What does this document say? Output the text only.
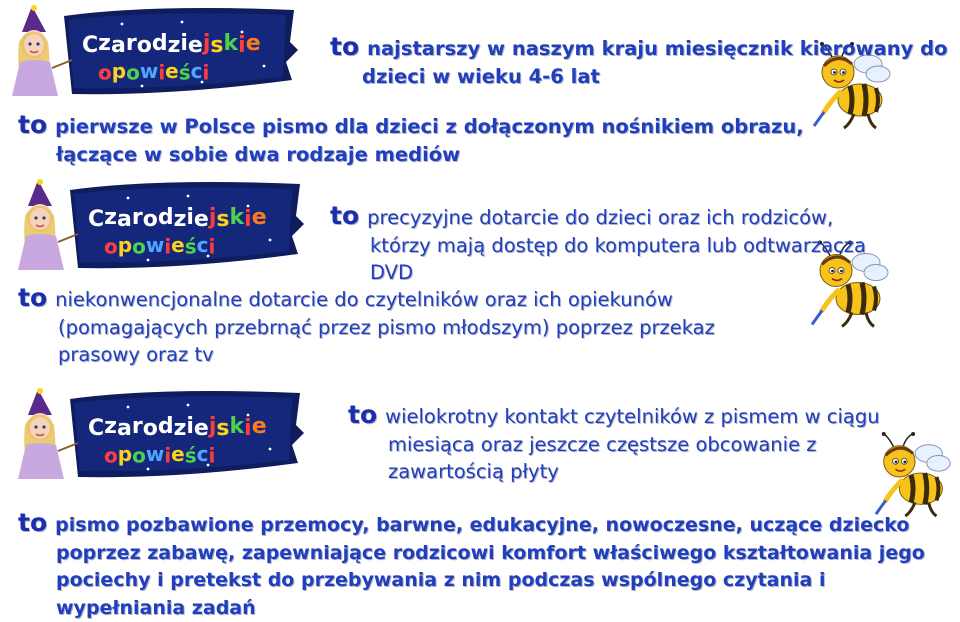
Czarodziejskie
opowieści
Czarodziejskie
opowieści
Czarodziejskie
opowieści

to najstarszy w naszym kraju miesięcznik kierowany do
dzieci w wieku 4-6 lat

to pierwsze w Polsce pismo dla dzieci z dołączonym nośnikiem obrazu,
łączące w sobie dwa rodzaje mediów

to precyzyjne dotarcie do dzieci oraz ich rodziców,
którzy mają dostęp do komputera lub odtwarzacza
DVD

to niekonwencjonalne dotarcie do czytelników oraz ich opiekunów
(pomagających przebrnąć przez pismo młodszym) poprzez przekaz
prasowy oraz tv

to wielokrotny kontakt czytelników z pismem w ciągu
miesiąca oraz jeszcze częstsze obcowanie z
zawartością płyty

to pismo pozbawione przemocy, barwne, edukacyjne, nowoczesne, uczące dziecko
poprzez zabawę, zapewniające rodzicowi komfort właściwego kształtowania jego
pociechy i pretekst do przebywania z nim podczas wspólnego czytania i
wypełniania zadań
